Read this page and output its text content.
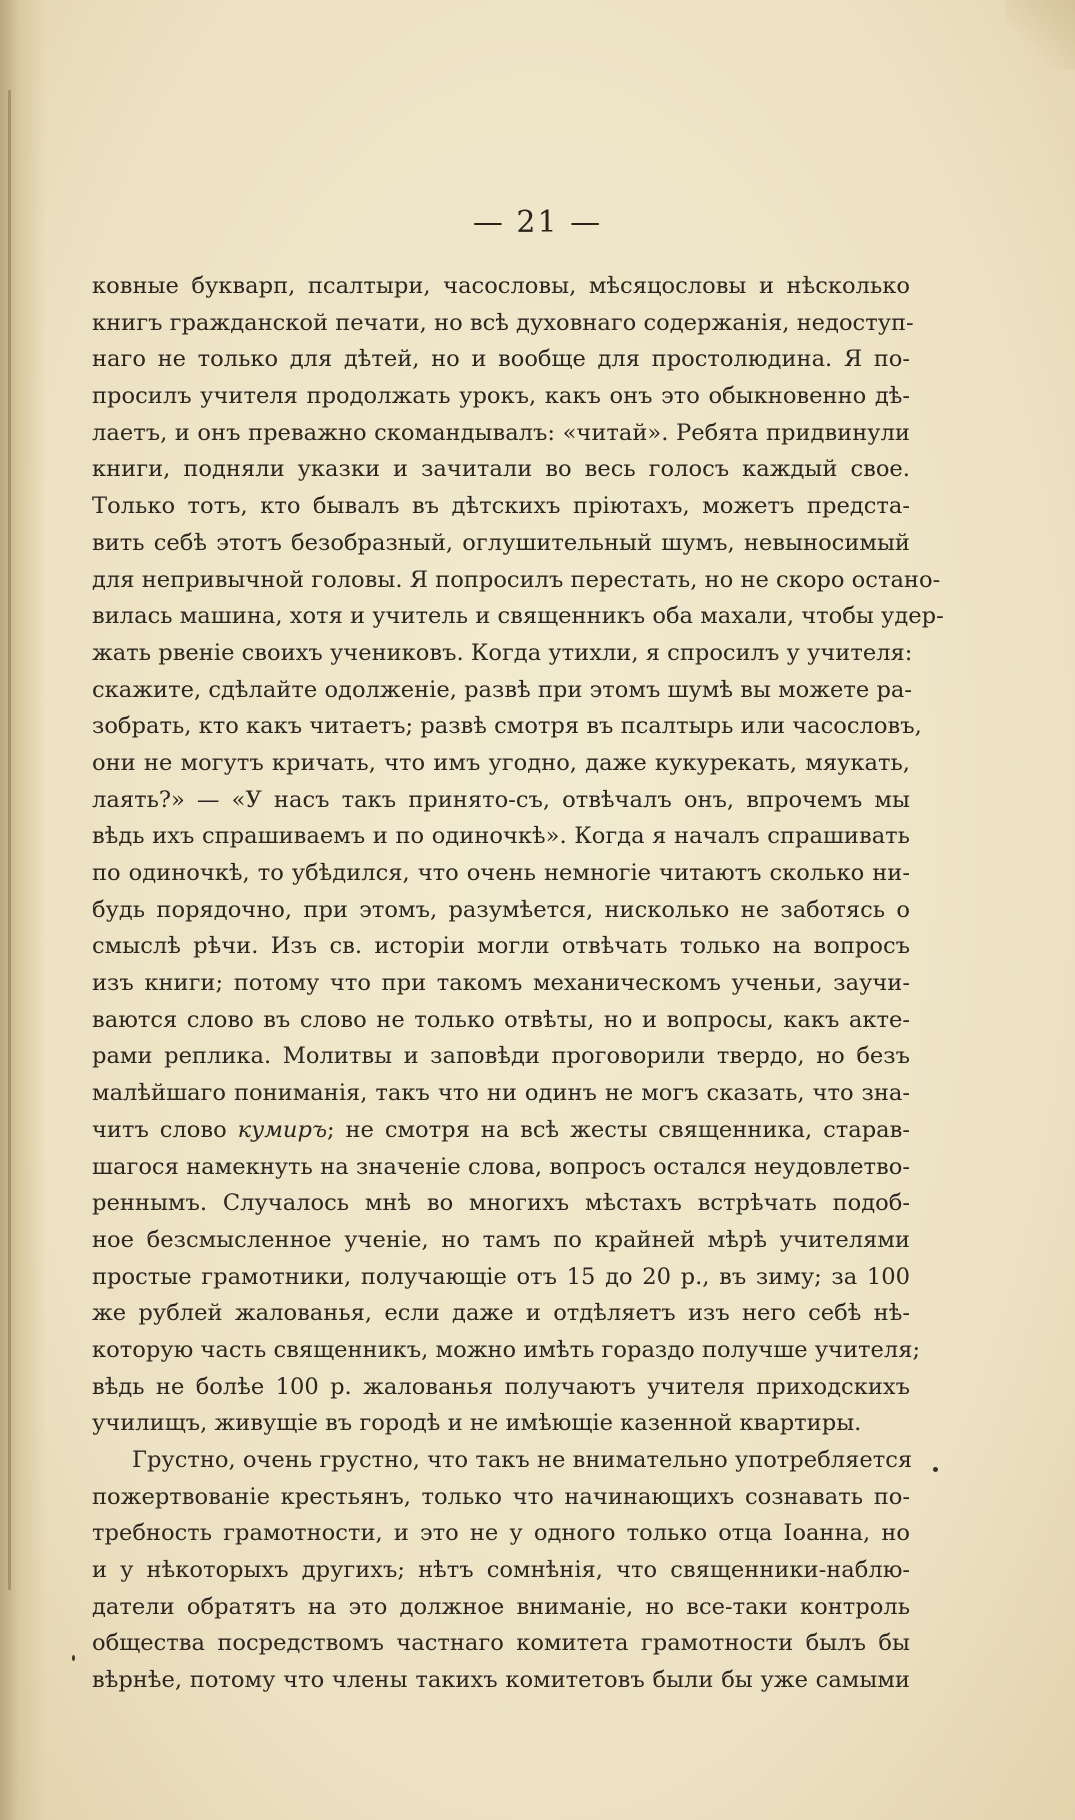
— 21 —
ковные букварп, псалтыри, часословы, мѣсяцословы и нѣсколько
книгъ гражданской печати, но всѣ духовнаго содержанія, недоступ-
наго не только для дѣтей, но и вообще для простолюдина. Я по-
просилъ учителя продолжать урокъ, какъ онъ это обыкновенно дѣ-
лаетъ, и онъ преважно скомандывалъ: «читай». Ребята придвинули
книги, подняли указки и зачитали во весь голосъ каждый свое.
Только тотъ, кто бывалъ въ дѣтскихъ пріютахъ, можетъ предста-
вить себѣ этотъ безобразный, оглушительный шумъ, невыносимый
для непривычной головы. Я попросилъ перестать, но не скоро остано-
вилась машина, хотя и учитель и священникъ оба махали, чтобы удер-
жать рвеніе своихъ учениковъ. Когда утихли, я спросилъ у учителя:
скажите, сдѣлайте одолженіе, развѣ при этомъ шумѣ вы можете ра-
зобрать, кто какъ читаетъ; развѣ смотря въ псалтырь или часословъ,
они не могутъ кричать, что имъ угодно, даже кукурекать, мяукать,
лаять?» — «У насъ такъ принято-съ, отвѣчалъ онъ, впрочемъ мы
вѣдь ихъ спрашиваемъ и по одиночкѣ». Когда я началъ спрашивать
по одиночкѣ, то убѣдился, что очень немногіе читаютъ сколько ни-
будь порядочно, при этомъ, разумѣется, нисколько не заботясь о
смыслѣ рѣчи. Изъ св. исторіи могли отвѣчать только на вопросъ
изъ книги; потому что при такомъ механическомъ ученьи, заучи-
ваются слово въ слово не только отвѣты, но и вопросы, какъ акте-
рами реплика. Молитвы и заповѣди проговорили твердо, но безъ
малѣйшаго пониманія, такъ что ни одинъ не могъ сказать, что зна-
читъ слово кумиръ; не смотря на всѣ жесты священника, старав-
шагося намекнуть на значеніе слова, вопросъ остался неудовлетво-
реннымъ. Случалось мнѣ во многихъ мѣстахъ встрѣчать подоб-
ное безсмысленное ученіе, но тамъ по крайней мѣрѣ учителями
простые грамотники, получающіе отъ 15 до 20 р., въ зиму; за 100
же рублей жалованья, если даже и отдѣляетъ изъ него себѣ нѣ-
которую часть священникъ, можно имѣть гораздо получше учителя;
вѣдь не болѣе 100 р. жалованья получаютъ учителя приходскихъ
училищъ, живущіе въ городѣ и не имѣющіе казенной квартиры.
Грустно, очень грустно, что такъ не внимательно употребляется
пожертвованіе крестьянъ, только что начинающихъ сознавать по-
требность грамотности, и это не у одного только отца Іоанна, но
и у нѣкоторыхъ другихъ; нѣтъ сомнѣнія, что священники-наблю-
датели обратятъ на это должное вниманіе, но все-таки контроль
общества посредствомъ частнаго комитета грамотности былъ бы
вѣрнѣе, потому что члены такихъ комитетовъ были бы уже самыми
